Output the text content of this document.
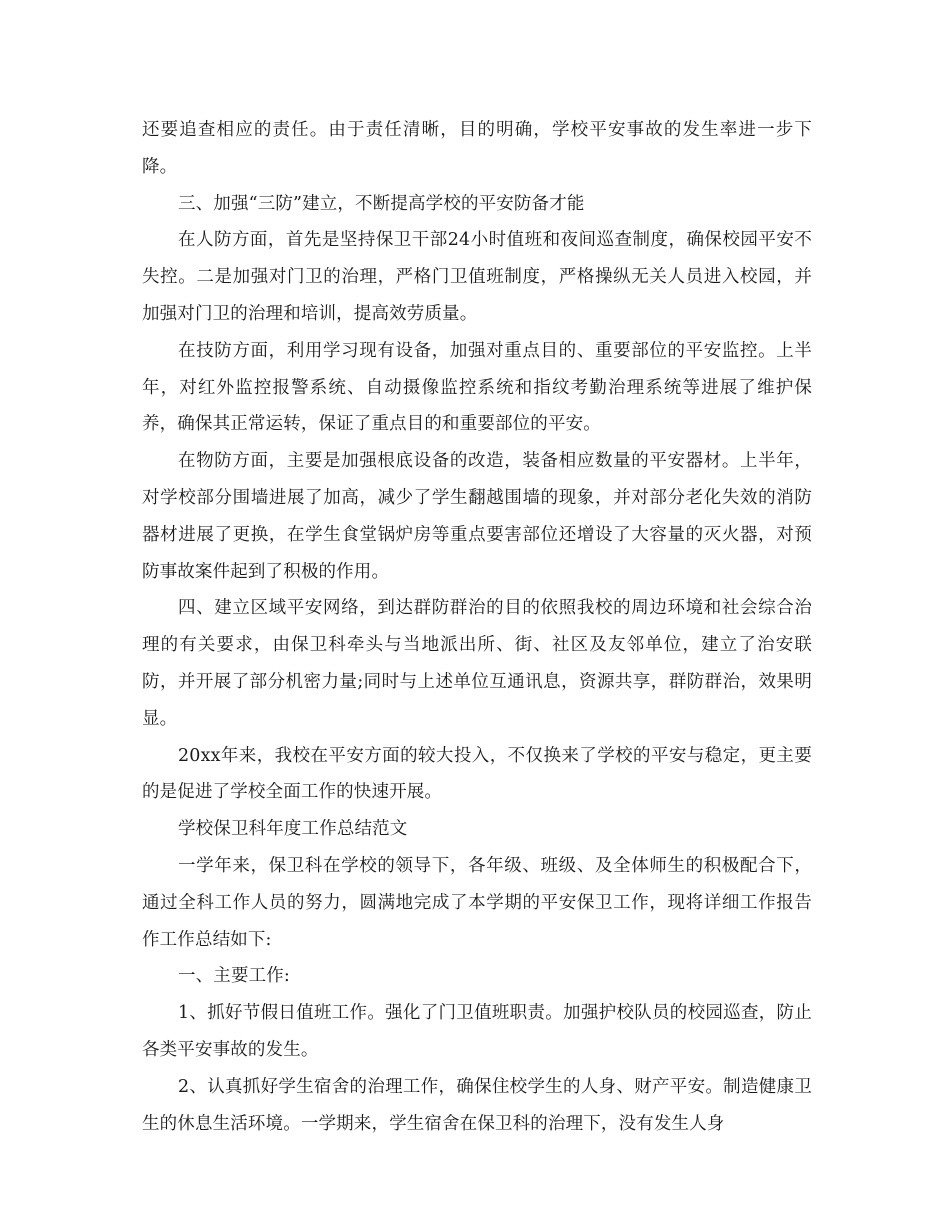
还要追查相应的责任。由于责任清晰，目的明确，学校平安事故的发生率进一步下降。

三、加强“三防”建立，不断提高学校的平安防备才能

在人防方面，首先是坚持保卫干部24小时值班和夜间巡查制度，确保校园平安不失控。二是加强对门卫的治理，严格门卫值班制度，严格操纵无关人员进入校园，并加强对门卫的治理和培训，提高效劳质量。

在技防方面，利用学习现有设备，加强对重点目的、重要部位的平安监控。上半年，对红外监控报警系统、自动摄像监控系统和指纹考勤治理系统等进展了维护保养，确保其正常运转，保证了重点目的和重要部位的平安。

在物防方面，主要是加强根底设备的改造，装备相应数量的平安器材。上半年，对学校部分围墙进展了加高，减少了学生翻越围墙的现象，并对部分老化失效的消防器材进展了更换，在学生食堂锅炉房等重点要害部位还增设了大容量的灭火器，对预防事故案件起到了积极的作用。

四、建立区域平安网络，到达群防群治的目的依照我校的周边环境和社会综合治理的有关要求，由保卫科牵头与当地派出所、街、社区及友邻单位，建立了治安联防，并开展了部分机密力量;同时与上述单位互通讯息，资源共享，群防群治，效果明显。

20xx年来，我校在平安方面的较大投入，不仅换来了学校的平安与稳定，更主要的是促进了学校全面工作的快速开展。

学校保卫科年度工作总结范文

一学年来，保卫科在学校的领导下，各年级、班级、及全体师生的积极配合下，通过全科工作人员的努力，圆满地完成了本学期的平安保卫工作，现将详细工作报告作工作总结如下:

一、主要工作:

1、抓好节假日值班工作。强化了门卫值班职责。加强护校队员的校园巡查，防止各类平安事故的发生。

2、认真抓好学生宿舍的治理工作，确保住校学生的人身、财产平安。制造健康卫生的休息生活环境。一学期来，学生宿舍在保卫科的治理下，没有发生人身
